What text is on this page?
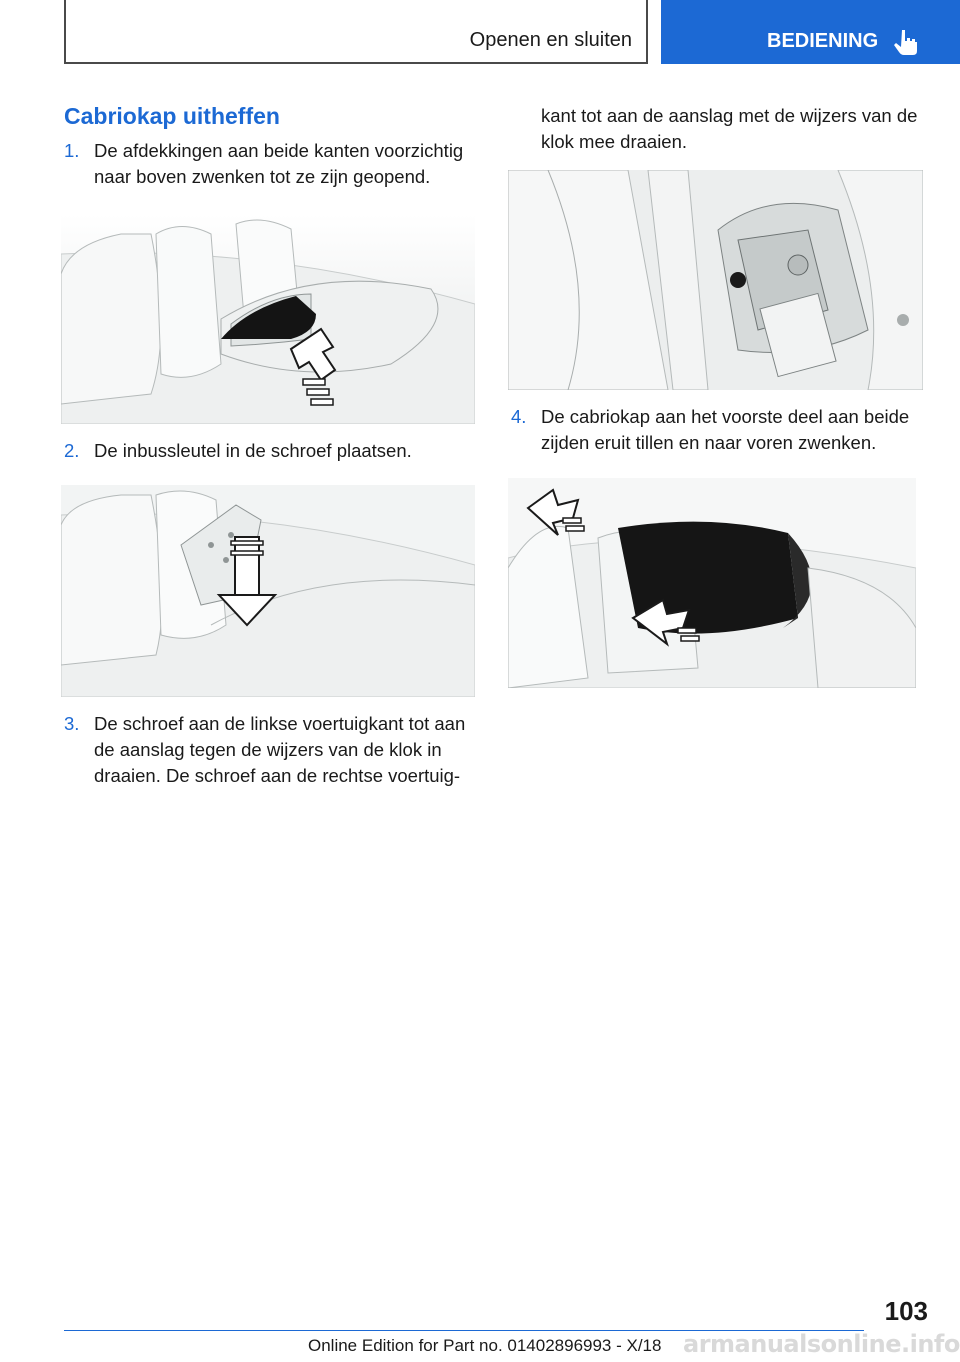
Openen en sluiten	BEDIENING
Cabriokap uitheffen
1. De afdekkingen aan beide kanten voorzichtig
naar boven zwenken tot ze zijn geopend.
2. De inbussleutel in de schroef plaatsen.
3. De schroef aan de linkse voertuigkant tot aan
de aanslag tegen de wijzers van de klok in
draaien. De schroef aan de rechtse voertuig-
kant tot aan de aanslag met de wijzers van de
klok mee draaien.
4. De cabriokap aan het voorste deel aan beide
zijden eruit tillen en naar voren zwenken.
103
Online Edition for Part no. 01402896993 - X/18 armanualsonline.info
